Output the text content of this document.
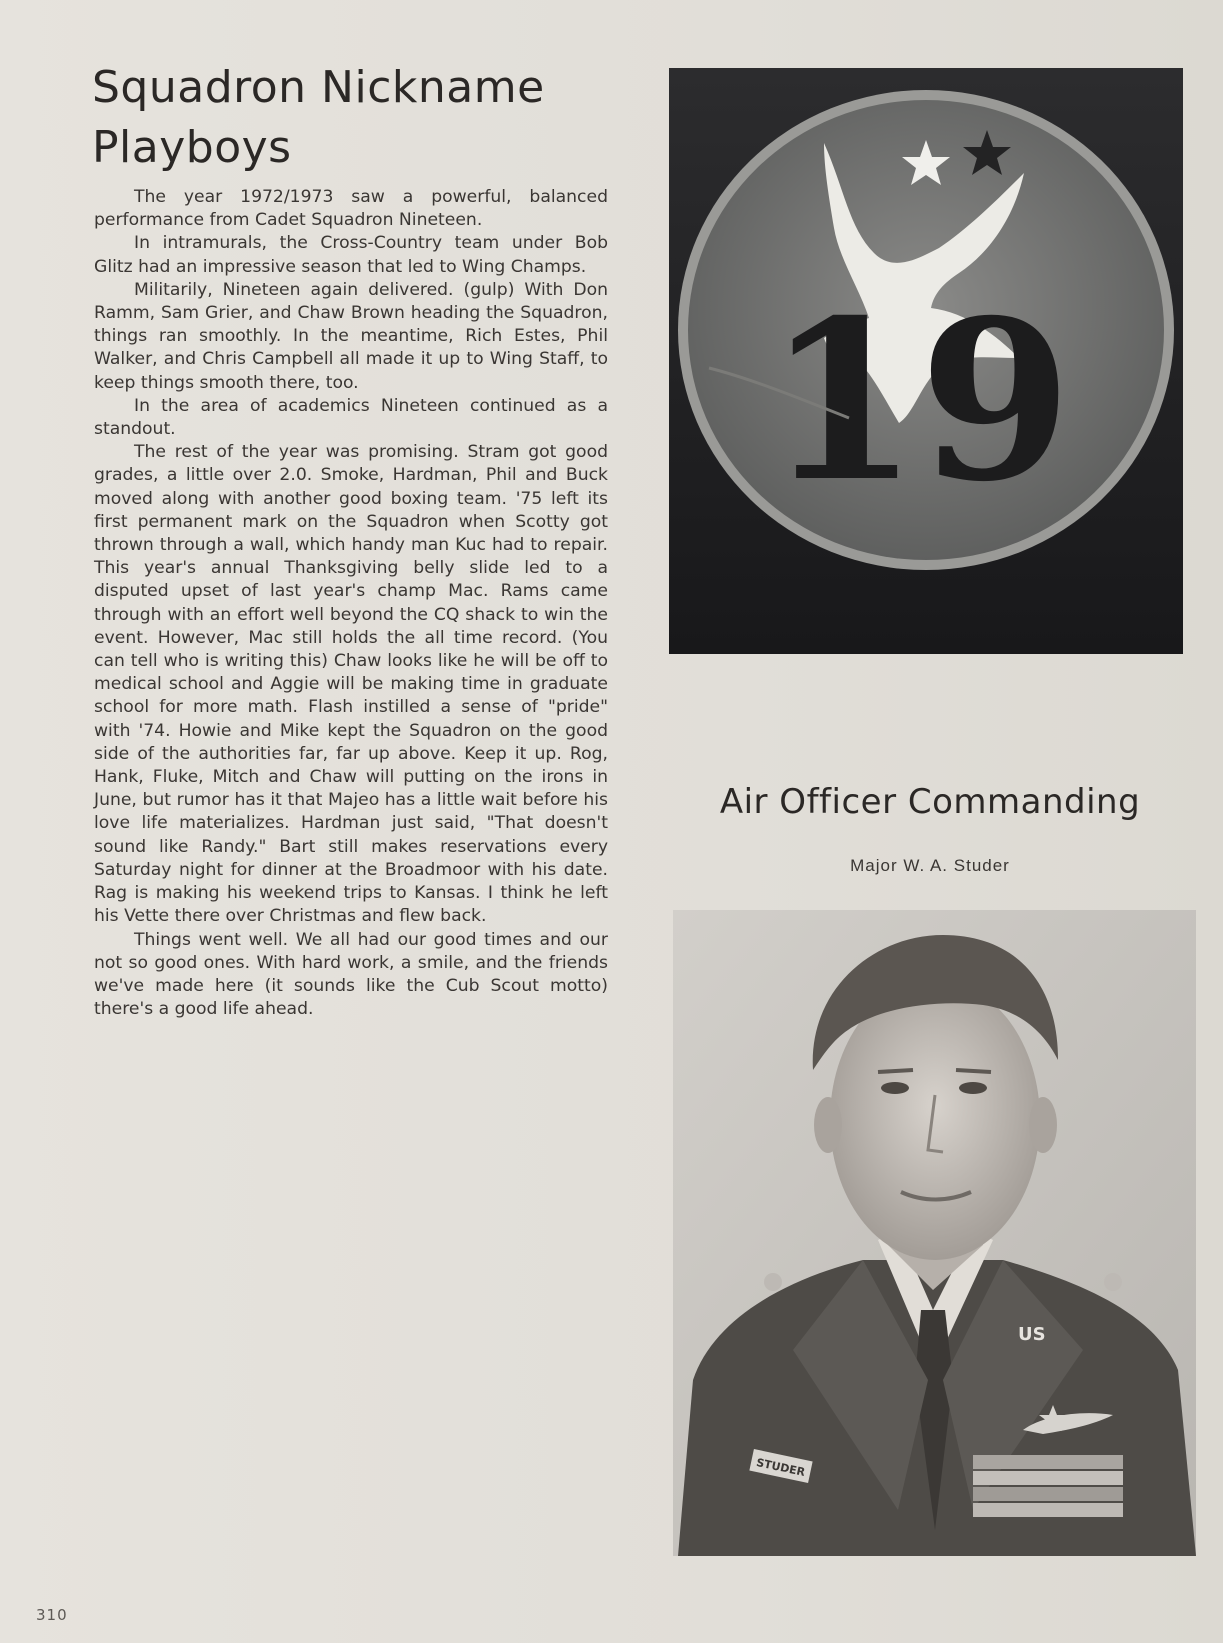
Squadron Nickname
Playboys

The year 1972/1973 saw a powerful, balanced performance from Cadet Squadron Nineteen.

In intramurals, the Cross-Country team under Bob Glitz had an impressive season that led to Wing Champs.

Militarily, Nineteen again delivered. (gulp) With Don Ramm, Sam Grier, and Chaw Brown heading the Squadron, things ran smoothly. In the meantime, Rich Estes, Phil Walker, and Chris Campbell all made it up to Wing Staff, to keep things smooth there, too.

In the area of academics Nineteen continued as a standout.

The rest of the year was promising. Stram got good grades, a little over 2.0. Smoke, Hardman, Phil and Buck moved along with another good boxing team. '75 left its first permanent mark on the Squadron when Scotty got thrown through a wall, which handy man Kuc had to repair. This year's annual Thanksgiving belly slide led to a disputed upset of last year's champ Mac. Rams came through with an effort well beyond the CQ shack to win the event. However, Mac still holds the all time record. (You can tell who is writing this) Chaw looks like he will be off to medical school and Aggie will be making time in graduate school for more math. Flash instilled a sense of "pride" with '74. Howie and Mike kept the Squadron on the good side of the authorities far, far up above. Keep it up. Rog, Hank, Fluke, Mitch and Chaw will putting on the irons in June, but rumor has it that Majeo has a little wait before his love life materializes. Hardman just said, "That doesn't sound like Randy." Bart still makes reservations every Saturday night for dinner at the Broadmoor with his date. Rag is making his weekend trips to Kansas. I think he left his Vette there over Christmas and flew back.

Things went well. We all had our good times and our not so good ones. With hard work, a smile, and the friends we've made here (it sounds like the Cub Scout motto) there's a good life ahead.

19
Air Officer Commanding
Major W. A. Studer
STUDER
US
310
